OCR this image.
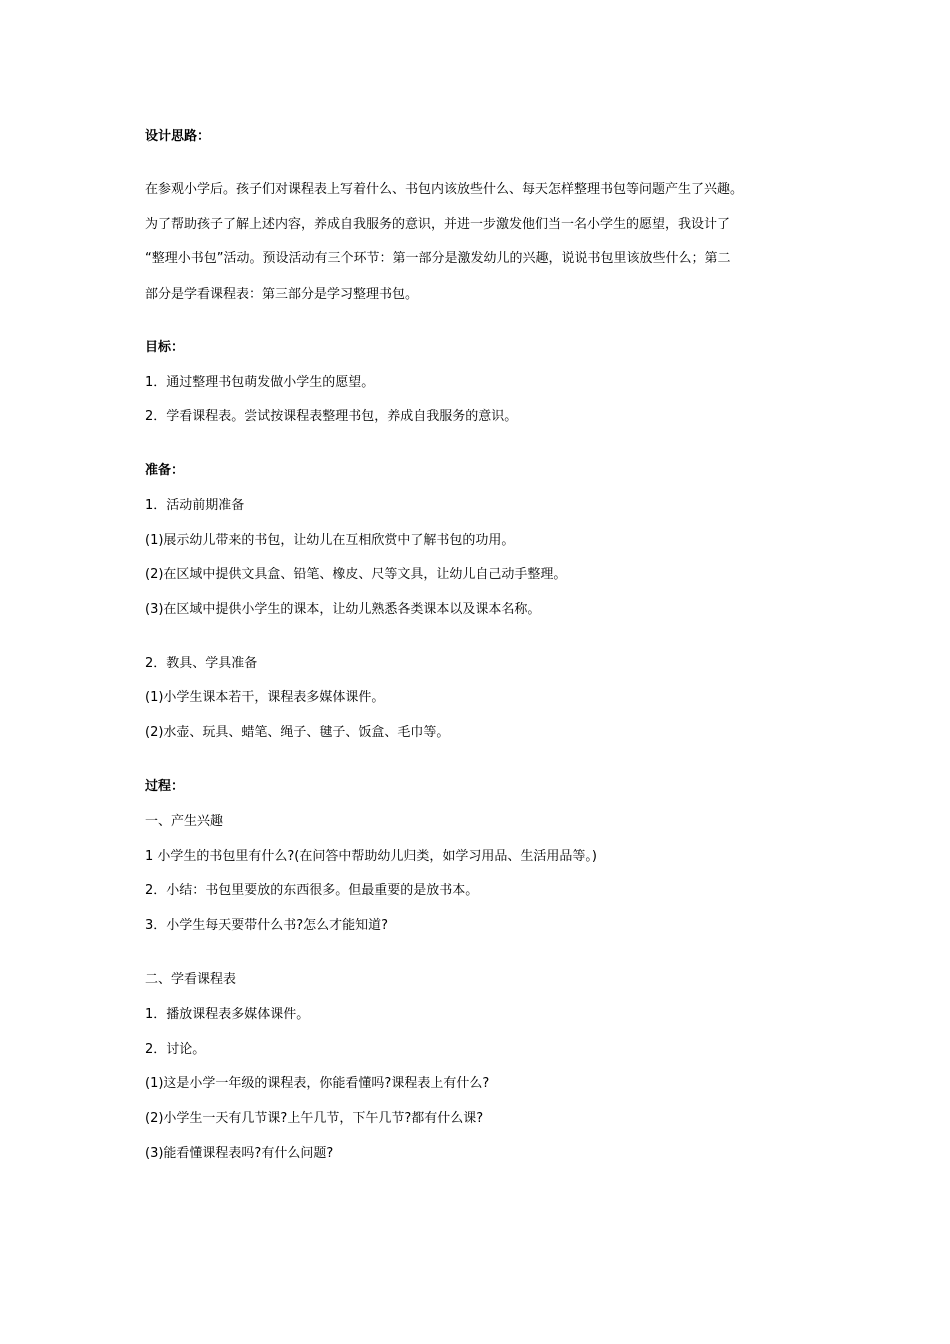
设计思路：

在参观小学后。孩子们对课程表上写着什么、书包内该放些什么、每天怎样整理书包等问题产生了兴趣。

为了帮助孩子了解上述内容，养成自我服务的意识，并进一步激发他们当一名小学生的愿望，我设计了

“整理小书包”活动。预设活动有三个环节：第一部分是激发幼儿的兴趣，说说书包里该放些什么；第二

部分是学看课程表：第三部分是学习整理书包。

目标：

1．通过整理书包萌发做小学生的愿望。

2．学看课程表。尝试按课程表整理书包，养成自我服务的意识。

准备：

1．活动前期准备

(1)展示幼儿带来的书包，让幼儿在互相欣赏中了解书包的功用。

(2)在区域中提供文具盒、铅笔、橡皮、尺等文具，让幼儿自己动手整理。

(3)在区域中提供小学生的课本，让幼儿熟悉各类课本以及课本名称。

2．教具、学具准备

(1)小学生课本若干，课程表多媒体课件。

(2)水壶、玩具、蜡笔、绳子、毽子、饭盒、毛巾等。

过程：

一、产生兴趣

1 小学生的书包里有什么?(在问答中帮助幼儿归类，如学习用品、生活用品等。)

2．小结：书包里要放的东西很多。但最重要的是放书本。

3．小学生每天要带什么书?怎么才能知道?

二、学看课程表

1．播放课程表多媒体课件。

2．讨论。

(1)这是小学一年级的课程表，你能看懂吗?课程表上有什么?

(2)小学生一天有几节课?上午几节，下午几节?都有什么课?

(3)能看懂课程表吗?有什么问题?
